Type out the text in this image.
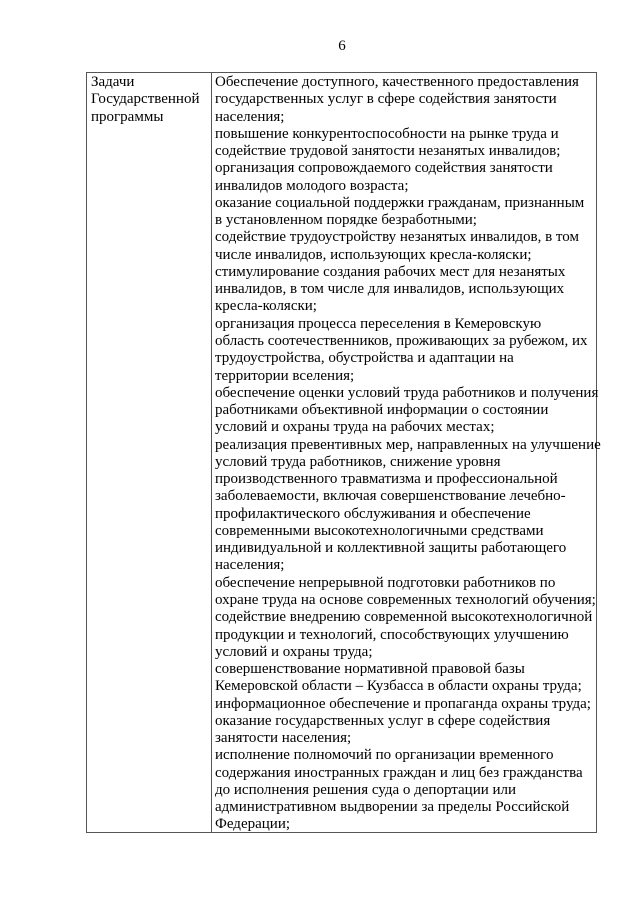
6
Задачи
Государственной
программы
Обеспечение доступного, качественного предоставления
государственных услуг в сфере содействия занятости
населения;
повышение конкурентоспособности на рынке труда и
содействие трудовой занятости незанятых инвалидов;
организация сопровождаемого содействия занятости
инвалидов молодого возраста;
оказание социальной поддержки гражданам, признанным
в установленном порядке безработными;
содействие трудоустройству незанятых инвалидов, в том
числе инвалидов, использующих кресла-коляски;
стимулирование создания рабочих мест для незанятых
инвалидов, в том числе для инвалидов, использующих
кресла-коляски;
организация процесса переселения в Кемеровскую
область соотечественников, проживающих за рубежом, их
трудоустройства, обустройства и адаптации на
территории вселения;
обеспечение оценки условий труда работников и получения
работниками объективной информации о состоянии
условий и охраны труда на рабочих местах;
реализация превентивных мер, направленных на улучшение
условий труда работников, снижение уровня
производственного травматизма и профессиональной
заболеваемости, включая совершенствование лечебно-
профилактического обслуживания и обеспечение
современными высокотехнологичными средствами
индивидуальной и коллективной защиты работающего
населения;
обеспечение непрерывной подготовки работников по
охране труда на основе современных технологий обучения;
содействие внедрению современной высокотехнологичной
продукции и технологий, способствующих улучшению
условий и охраны труда;
совершенствование нормативной правовой базы
Кемеровской области – Кузбасса в области охраны труда;
информационное обеспечение и пропаганда охраны труда;
оказание государственных услуг в сфере содействия
занятости населения;
исполнение полномочий по организации временного
содержания иностранных граждан и лиц без гражданства
до исполнения решения суда о депортации или
административном выдворении за пределы Российской
Федерации;
